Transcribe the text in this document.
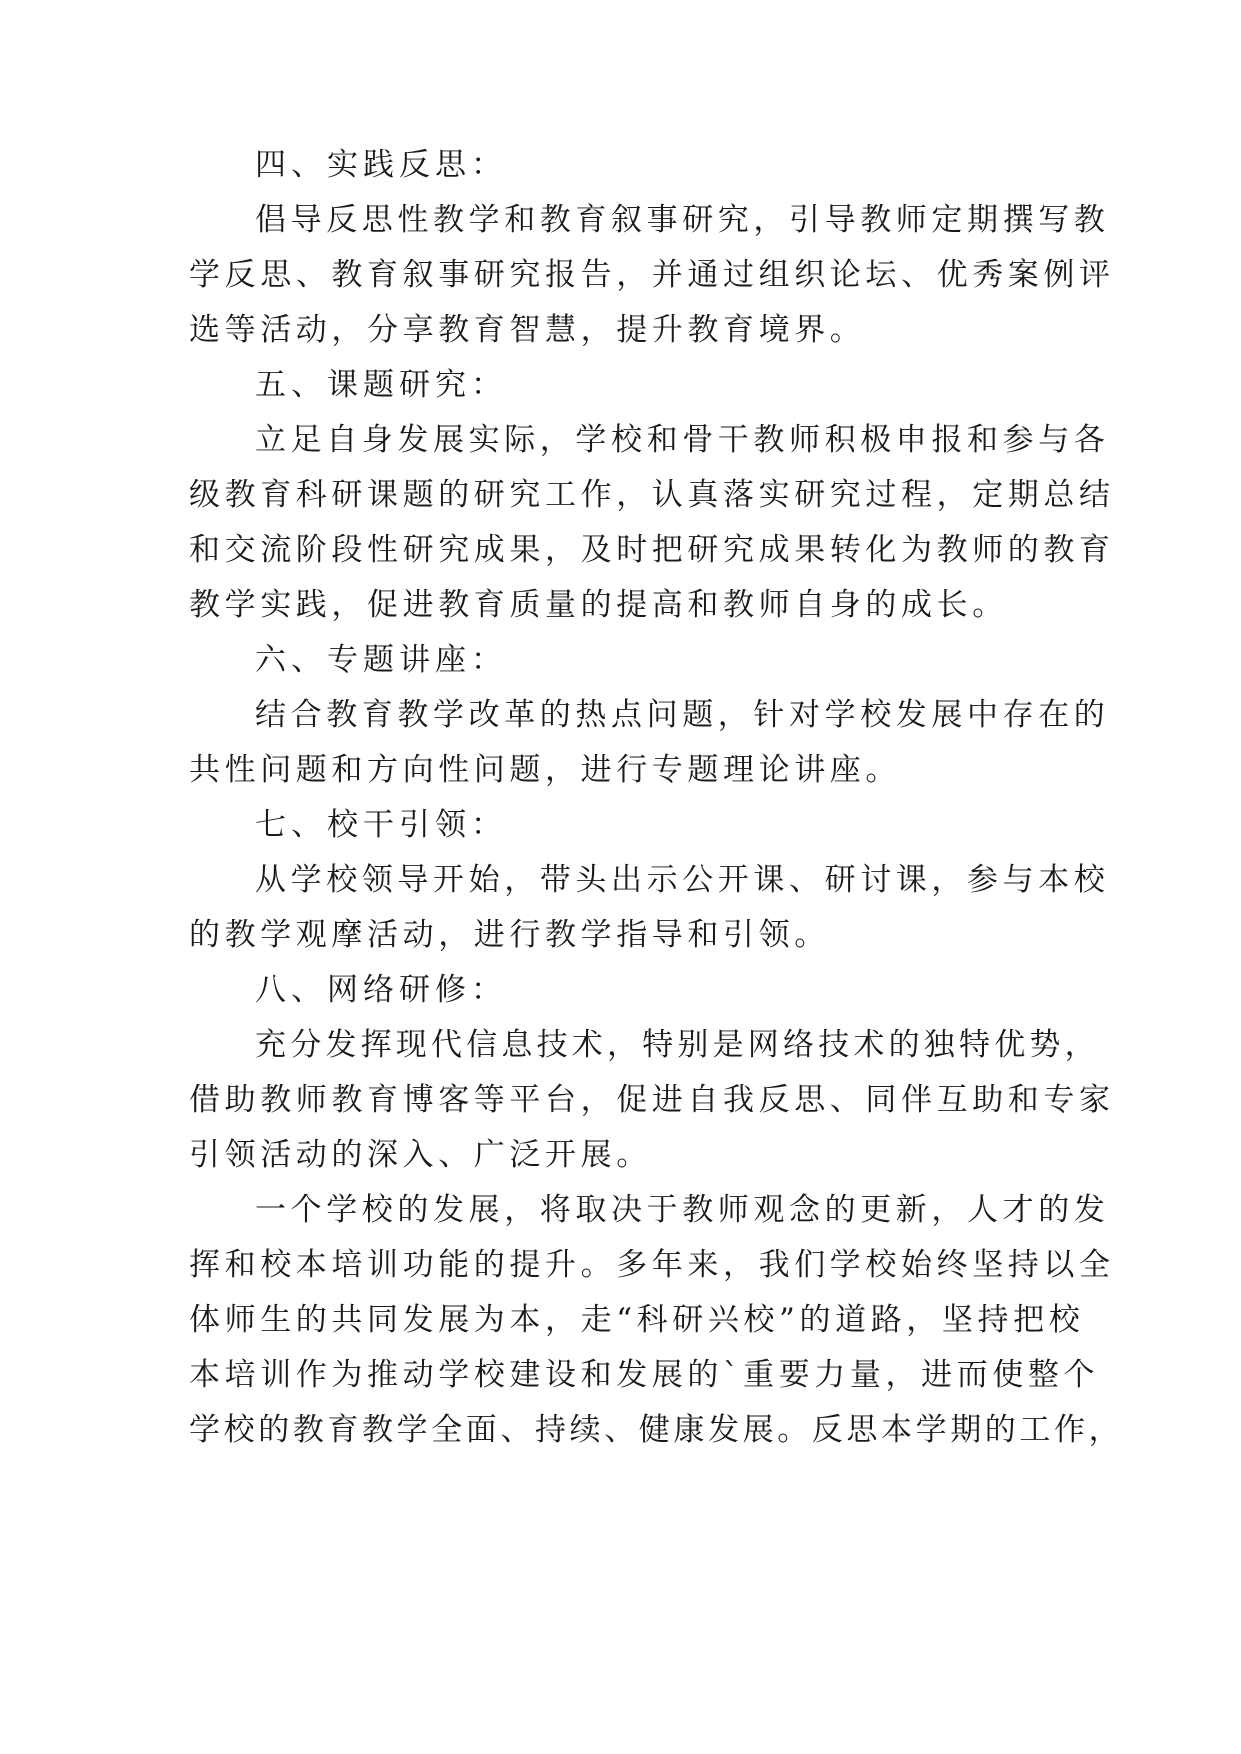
四、实践反思：
倡导反思性教学和教育叙事研究，引导教师定期撰写教
学反思、教育叙事研究报告，并通过组织论坛、优秀案例评
选等活动，分享教育智慧，提升教育境界。
五、课题研究：
立足自身发展实际，学校和骨干教师积极申报和参与各
级教育科研课题的研究工作，认真落实研究过程，定期总结
和交流阶段性研究成果，及时把研究成果转化为教师的教育
教学实践，促进教育质量的提高和教师自身的成长。
六、专题讲座：
结合教育教学改革的热点问题，针对学校发展中存在的
共性问题和方向性问题，进行专题理论讲座。
七、校干引领：
从学校领导开始，带头出示公开课、研讨课，参与本校
的教学观摩活动，进行教学指导和引领。
八、网络研修：
充分发挥现代信息技术，特别是网络技术的独特优势，
借助教师教育博客等平台，促进自我反思、同伴互助和专家
引领活动的深入、广泛开展。
一个学校的发展，将取决于教师观念的更新，人才的发
挥和校本培训功能的提升。多年来，我们学校始终坚持以全
体师生的共同发展为本，走“科研兴校”的道路，坚持把校
本培训作为推动学校建设和发展的`重要力量，进而使整个
学校的教育教学全面、持续、健康发展。反思本学期的工作，
